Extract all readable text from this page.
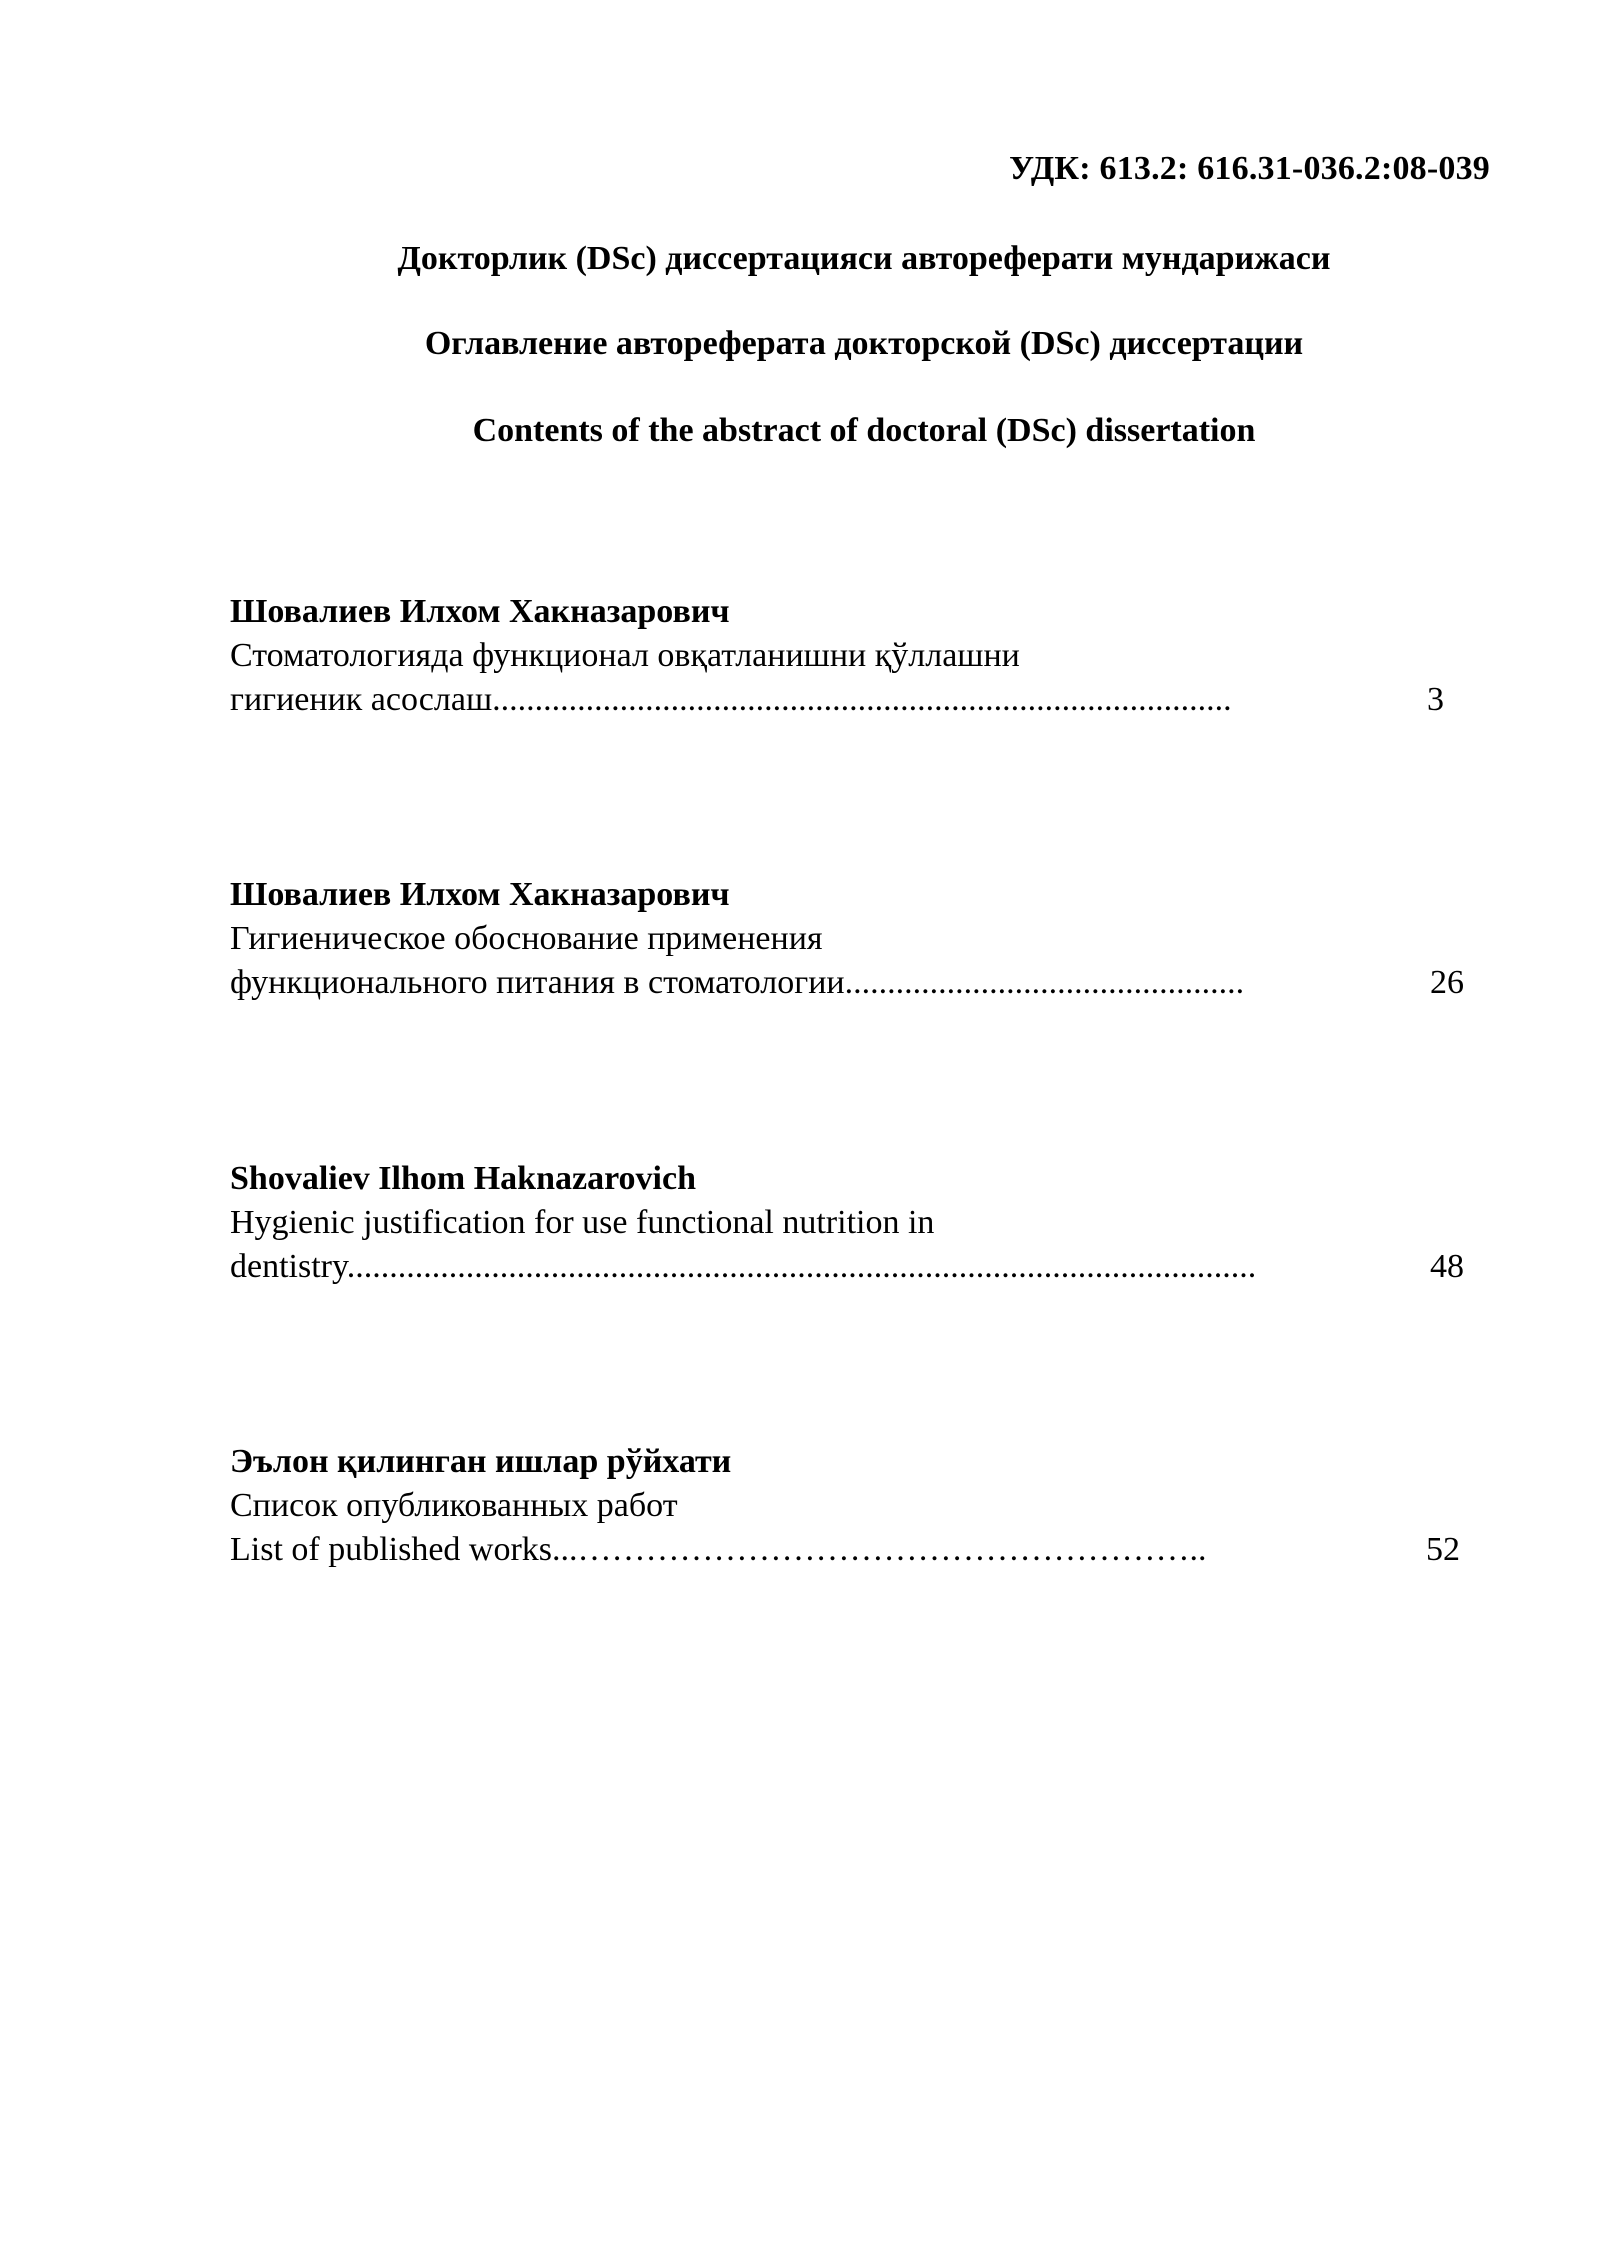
УДК: 613.2: 616.31-036.2:08-039
Докторлик (DSc) диссертацияси автореферати мундарижаси
Оглавление автореферата докторской (DSc) диссертации
Contents of the abstract of doctoral (DSc) dissertation
Шовалиев Илхом Хакназарович
Стоматологияда функционал овқатланишни қўллашни
гигиеник асослаш.......................................................................................	3
Шовалиев Илхом Хакназарович
Гигиеническое обоснование применения
функционального питания в стоматологии...............................................	26
Shovaliev Ilhom Haknazarovich
Hygienic justification for use functional nutrition in
dentistry...........................................................................................................	48
Эълон қилинган ишлар рўйхати
Список опубликованных работ
List of published works...………………………………………………..	52
